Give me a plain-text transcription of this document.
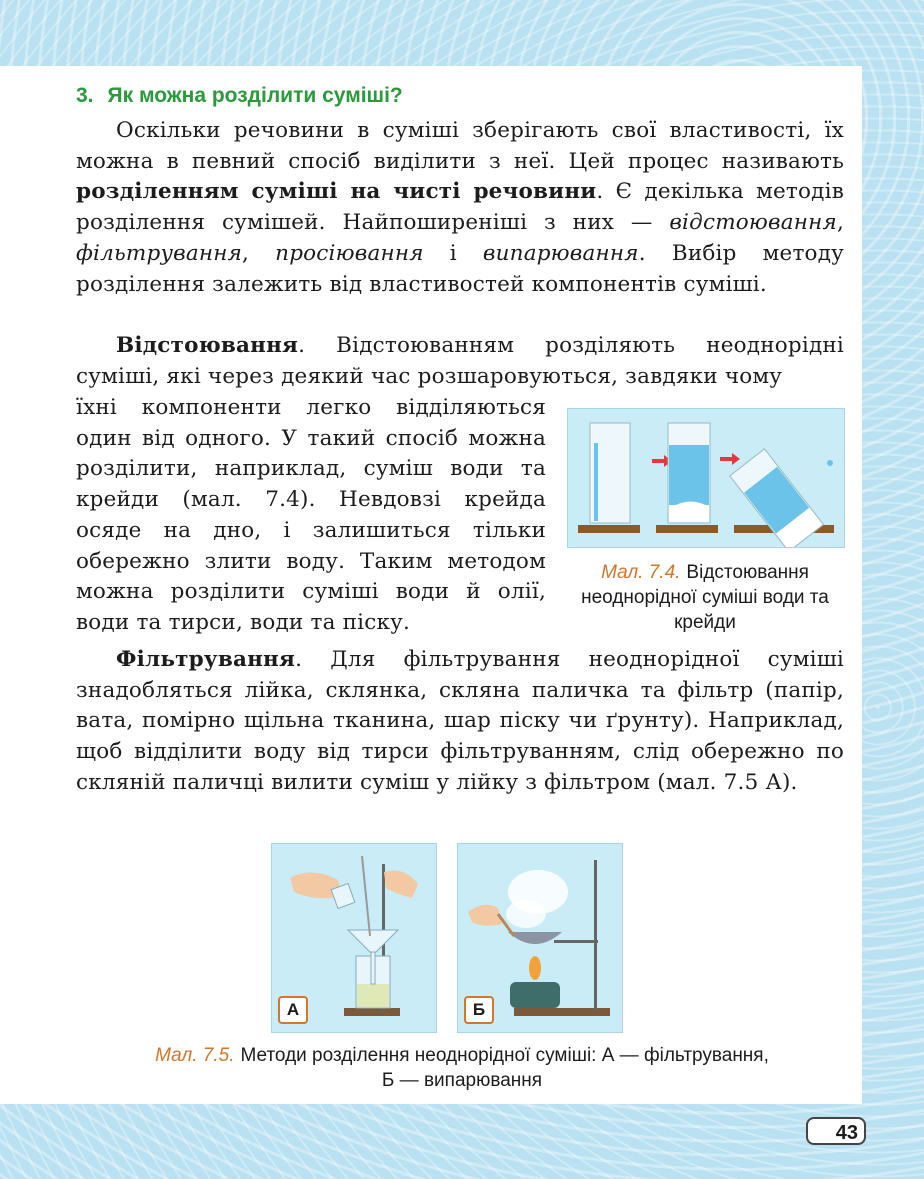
3. Як можна розділити суміші?

Оскільки речовини в суміші зберігають свої властивості, їх можна в певний спосіб виділити з неї. Цей процес називають розділенням суміші на чисті речовини. Є декілька методів розділення сумішей. Найпоширеніші з них — відстоювання, фільтрування, просіювання і випарювання. Вибір методу розділення залежить від властивостей компонентів суміші.

Відстоювання. Відстоюванням розділяють неоднорідні суміші, які через деякий час розшаровуються, завдяки чому

їхні компоненти легко відділяються один від одного. У такий спосіб можна розділити, наприклад, суміш води та крейди (мал. 7.4). Невдовзі крейда осяде на дно, і залишиться тільки обережно злити воду. Таким методом можна розділити суміші води й олії, води та тирси, води та піску.

Мал. 7.4. Відстоювання неоднорідної суміші води та крейди

Фільтрування. Для фільтрування неоднорідної суміші знадобляться лійка, склянка, скляна паличка та фільтр (папір, вата, помірно щільна тканина, шар піску чи ґрунту). Наприклад, щоб відділити воду від тирси фільтруванням, слід обережно по скляній паличці вилити суміш у лійку з фільтром (мал. 7.5 А).

А	Б

Мал. 7.5. Методи розділення неоднорідної суміші: А — фільтрування,
Б — випарювання

43
